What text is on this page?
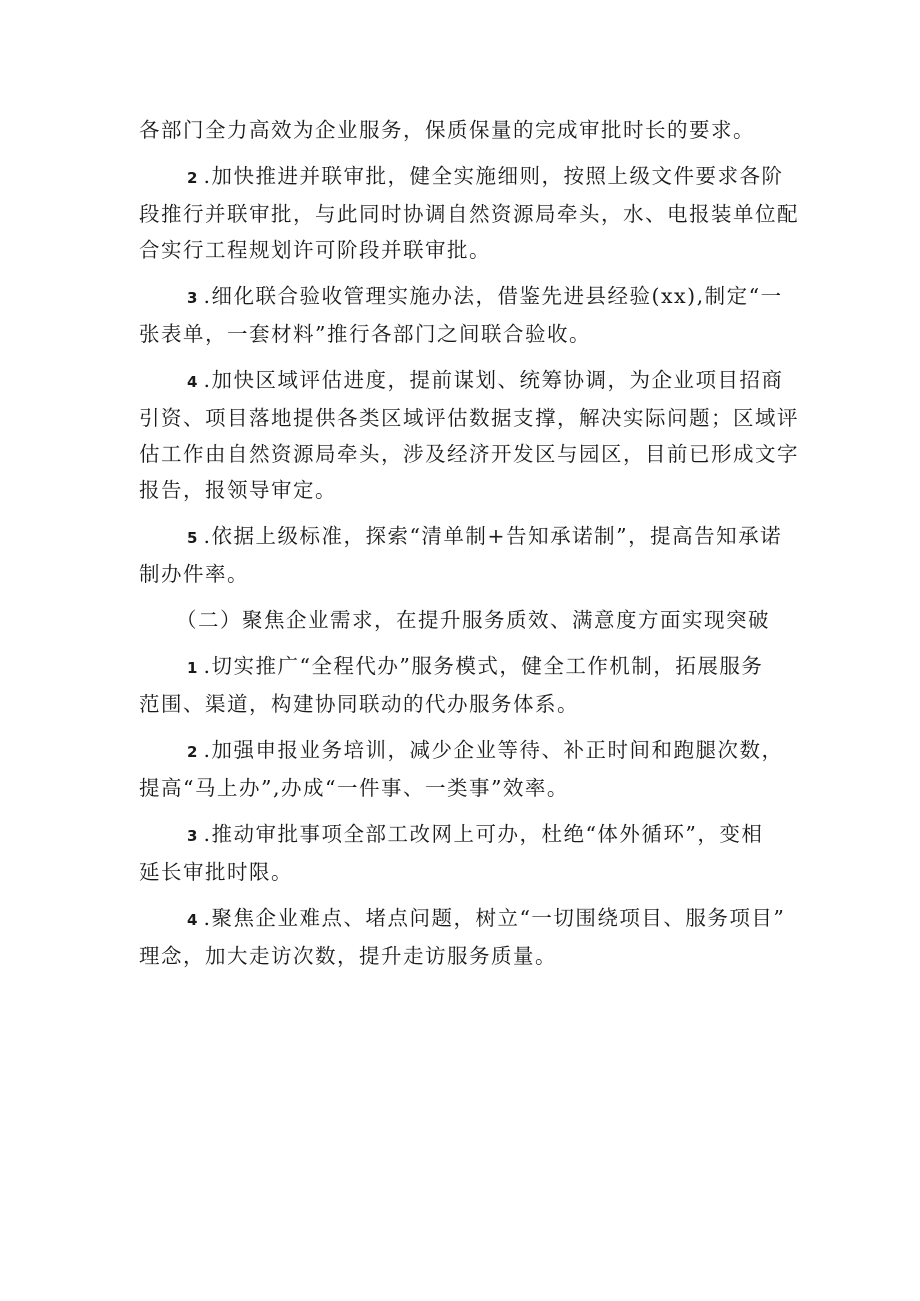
各部门全力高效为企业服务，保质保量的完成审批时长的要求。
2 .加快推进并联审批，健全实施细则，按照上级文件要求各阶
段推行并联审批，与此同时协调自然资源局牵头，水、电报装单位配
合实行工程规划许可阶段并联审批。
3 .细化联合验收管理实施办法，借鉴先进县经验(xx),制定“一
张表单，一套材料”推行各部门之间联合验收。
4 .加快区域评估进度，提前谋划、统筹协调，为企业项目招商
引资、项目落地提供各类区域评估数据支撑，解决实际问题；区域评
估工作由自然资源局牵头，涉及经济开发区与园区，目前已形成文字
报告，报领导审定。
5 .依据上级标准，探索“清单制+告知承诺制”，提高告知承诺
制办件率。
（二）聚焦企业需求，在提升服务质效、满意度方面实现突破
1 .切实推广“全程代办”服务模式，健全工作机制，拓展服务
范围、渠道，构建协同联动的代办服务体系。
2 .加强申报业务培训，减少企业等待、补正时间和跑腿次数，
提高“马上办”,办成“一件事、一类事”效率。
3 .推动审批事项全部工改网上可办，杜绝“体外循环”，变相
延长审批时限。
4 .聚焦企业难点、堵点问题，树立“一切围绕项目、服务项目”
理念，加大走访次数，提升走访服务质量。
